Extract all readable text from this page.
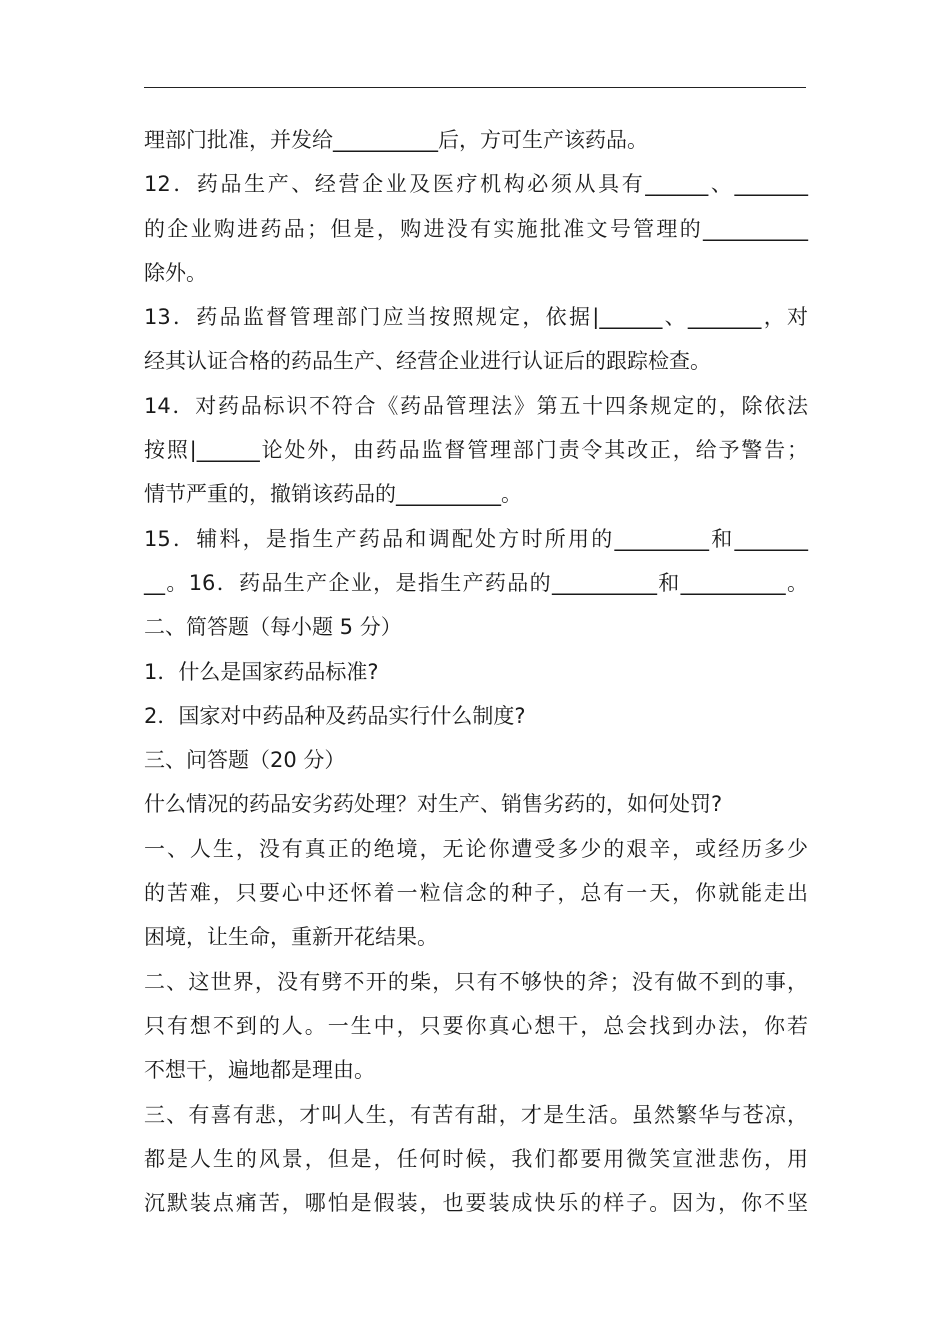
理部门批准，并发给__________后，方可生产该药品。
12．药品生产、经营企业及医疗机构必须从具有______、_______
的企业购进药品；但是，购进没有实施批准文号管理的__________
除外。
13．药品监督管理部门应当按照规定，依据|______、_______，对
经其认证合格的药品生产、经营企业进行认证后的跟踪检查。
14．对药品标识不符合《药品管理法》第五十四条规定的，除依法
按照|______论处外，由药品监督管理部门责令其改正，给予警告；
情节严重的，撤销该药品的__________。
15．辅料，是指生产药品和调配处方时所用的_________和_______
__。16．药品生产企业，是指生产药品的__________和__________。
二、简答题（每小题 5 分）
1．什么是国家药品标准?
2．国家对中药品种及药品实行什么制度?
三、问答题（20 分）
什么情况的药品安劣药处理？对生产、销售劣药的，如何处罚?
一、人生，没有真正的绝境，无论你遭受多少的艰辛，或经历多少
的苦难，只要心中还怀着一粒信念的种子，总有一天，你就能走出
困境，让生命，重新开花结果。
二、这世界，没有劈不开的柴，只有不够快的斧；没有做不到的事，
只有想不到的人。一生中，只要你真心想干，总会找到办法，你若
不想干，遍地都是理由。
三、有喜有悲，才叫人生，有苦有甜，才是生活。虽然繁华与苍凉，
都是人生的风景，但是，任何时候，我们都要用微笑宣泄悲伤，用
沉默装点痛苦，哪怕是假装，也要装成快乐的样子。因为，你不坚
